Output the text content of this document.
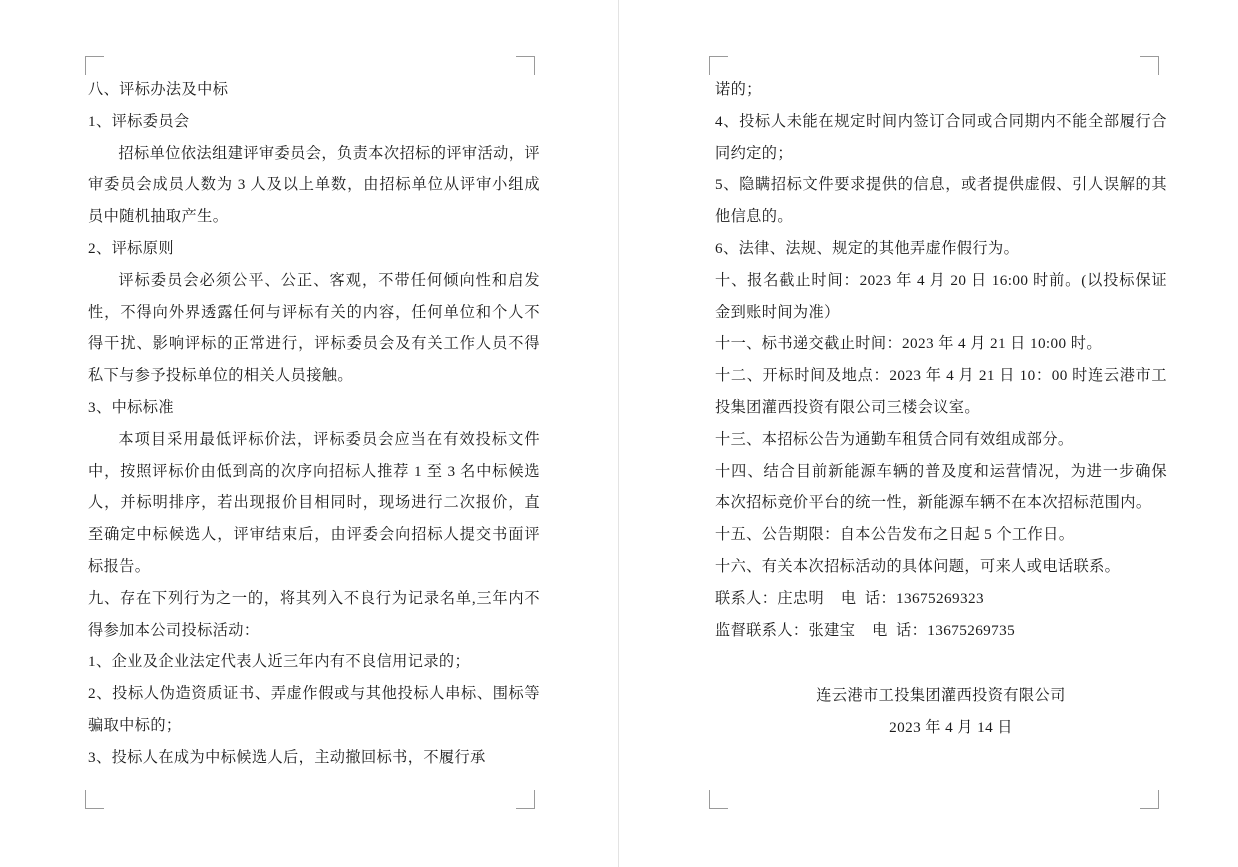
八、评标办法及中标

1、评标委员会

招标单位依法组建评审委员会，负责本次招标的评审活动，评审委员会成员人数为 3 人及以上单数，由招标单位从评审小组成员中随机抽取产生。

2、评标原则

评标委员会必须公平、公正、客观，不带任何倾向性和启发性，不得向外界透露任何与评标有关的内容，任何单位和个人不得干扰、影响评标的正常进行，评标委员会及有关工作人员不得私下与参予投标单位的相关人员接触。

3、中标标准

本项目采用最低评标价法，评标委员会应当在有效投标文件中，按照评标价由低到高的次序向招标人推荐 1 至 3 名中标候选人，并标明排序，若出现报价目相同时，现场进行二次报价，直至确定中标候选人，评审结束后，由评委会向招标人提交书面评标报告。

九、存在下列行为之一的，将其列入不良行为记录名单,三年内不得参加本公司投标活动：

1、企业及企业法定代表人近三年内有不良信用记录的；

2、投标人伪造资质证书、弄虚作假或与其他投标人串标、围标等骗取中标的；

3、投标人在成为中标候选人后，主动撤回标书，不履行承

诺的；

4、投标人未能在规定时间内签订合同或合同期内不能全部履行合同约定的；

5、隐瞒招标文件要求提供的信息，或者提供虚假、引人误解的其他信息的。

6、法律、法规、规定的其他弄虚作假行为。

十、报名截止时间：2023 年 4 月 20 日 16:00 时前。(以投标保证金到账时间为准）

十一、标书递交截止时间：2023 年 4 月 21 日 10:00 时。

十二、开标时间及地点：2023 年 4 月 21 日 10：00 时连云港市工投集团灌西投资有限公司三楼会议室。

十三、本招标公告为通勤车租赁合同有效组成部分。

十四、结合目前新能源车辆的普及度和运营情况，为进一步确保本次招标竞价平台的统一性，新能源车辆不在本次招标范围内。

十五、公告期限：自本公告发布之日起 5 个工作日。

十六、有关本次招标活动的具体问题，可来人或电话联系。

联系人：庄忠明    电  话：13675269323

监督联系人：张建宝    电  话：13675269735

连云港市工投集团灌西投资有限公司

2023 年 4 月 14 日
